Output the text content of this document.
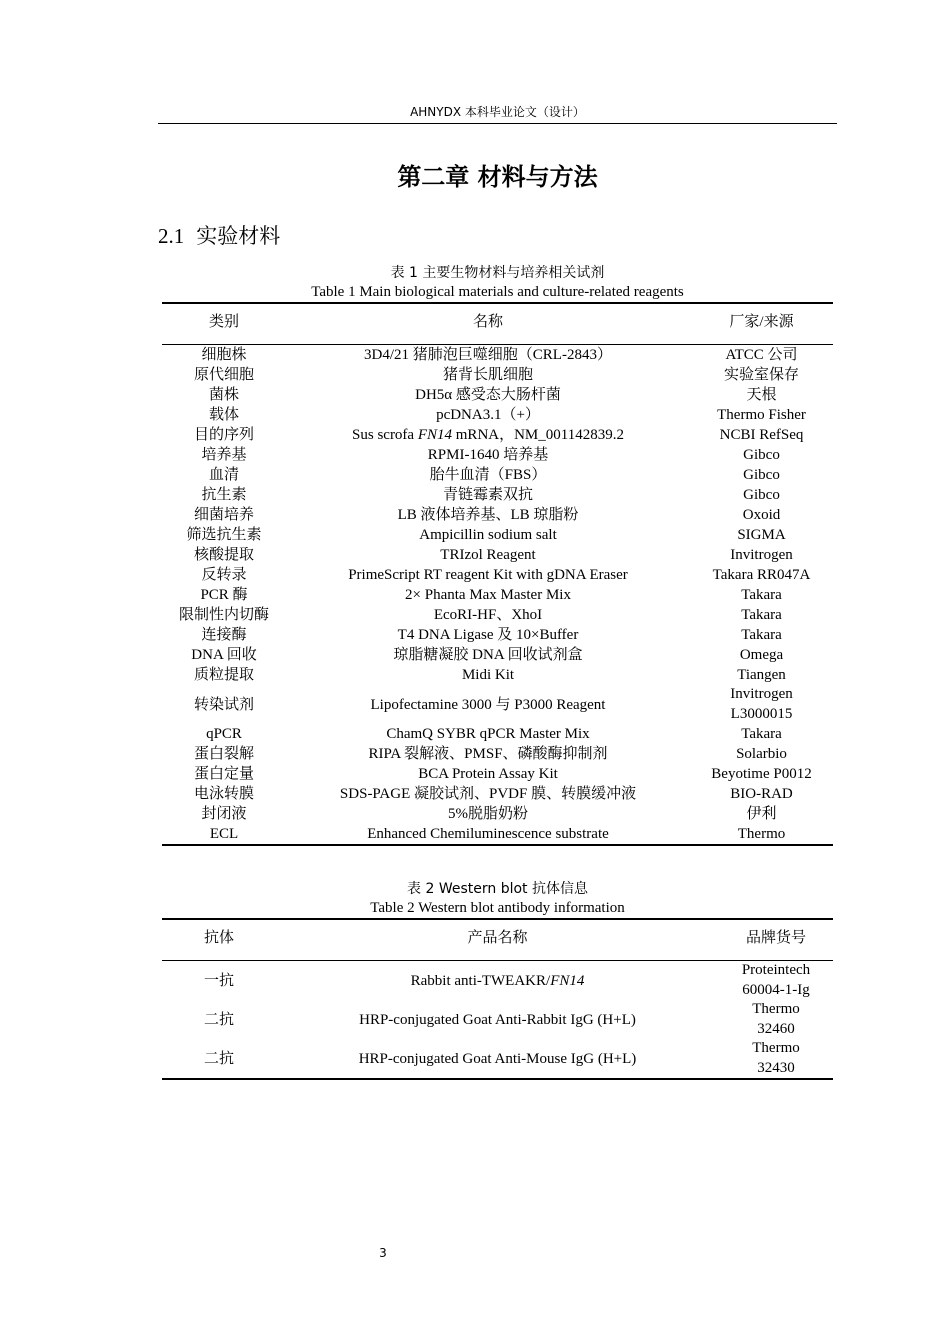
AHNYDX 本科毕业论文（设计）
第二章 材料与方法
2.1 实验材料
表 1 主要生物材料与培养相关试剂
Table 1 Main biological materials and culture-related reagents
类别	名称	厂家/来源
细胞株	3D4/21 猪肺泡巨噬细胞（CRL-2843）	ATCC 公司
原代细胞	猪背长肌细胞	实验室保存
菌株	DH5α 感受态大肠杆菌	天根
载体	pcDNA3.1（+）	Thermo Fisher
目的序列	Sus scrofa FN14 mRNA，NM_001142839.2	NCBI RefSeq
培养基	RPMI-1640 培养基	Gibco
血清	胎牛血清（FBS）	Gibco
抗生素	青链霉素双抗	Gibco
细菌培养	LB 液体培养基、LB 琼脂粉	Oxoid
筛选抗生素	Ampicillin sodium salt	SIGMA
核酸提取	TRIzol Reagent	Invitrogen
反转录	PrimeScript RT reagent Kit with gDNA Eraser	Takara RR047A
PCR 酶	2× Phanta Max Master Mix	Takara
限制性内切酶	EcoRI-HF、XhoI	Takara
连接酶	T4 DNA Ligase 及 10×Buffer	Takara
DNA 回收	琼脂糖凝胶 DNA 回收试剂盒	Omega
质粒提取	Midi Kit	Tiangen
转染试剂	Lipofectamine 3000 与 P3000 Reagent	Invitrogen
L3000015
qPCR	ChamQ SYBR qPCR Master Mix	Takara
蛋白裂解	RIPA 裂解液、PMSF、磷酸酶抑制剂	Solarbio
蛋白定量	BCA Protein Assay Kit	Beyotime P0012
电泳转膜	SDS-PAGE 凝胶试剂、PVDF 膜、转膜缓冲液	BIO-RAD
封闭液	5%脱脂奶粉	伊利
ECL	Enhanced Chemiluminescence substrate	Thermo
表 2 Western blot 抗体信息
Table 2 Western blot antibody information
抗体	产品名称	品牌货号
一抗	Rabbit anti-TWEAKR/FN14	Proteintech
60004-1-Ig
二抗	HRP-conjugated Goat Anti-Rabbit IgG (H+L)	Thermo
32460
二抗	HRP-conjugated Goat Anti-Mouse IgG (H+L)	Thermo
32430
3
